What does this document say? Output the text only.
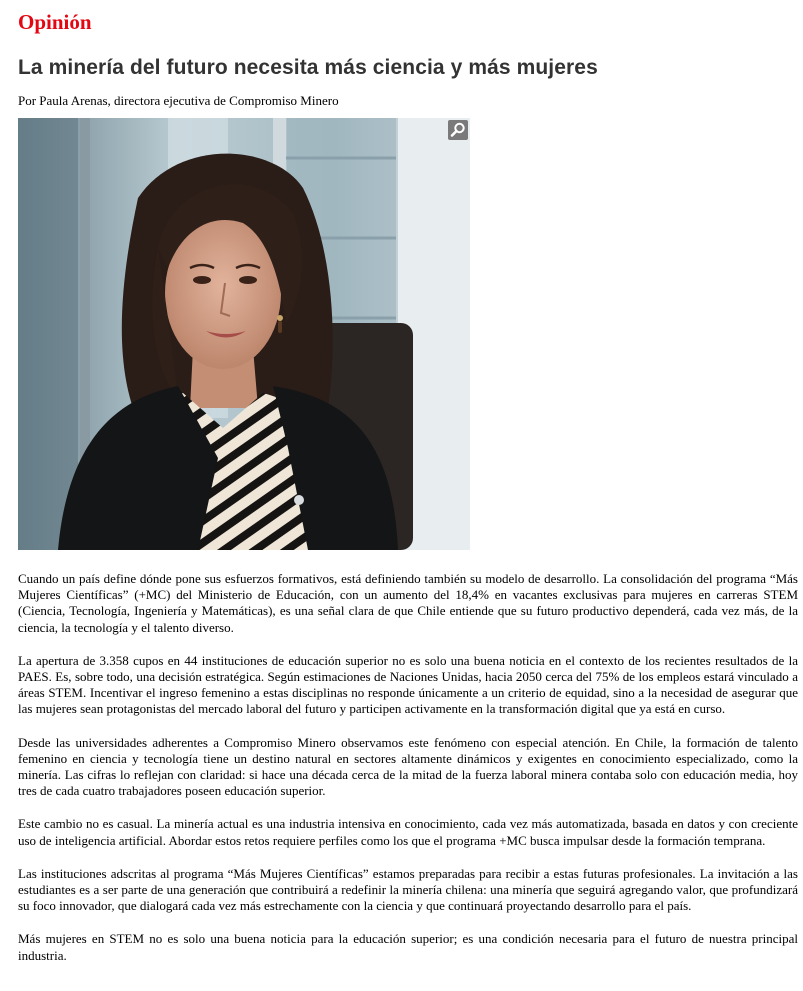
Opinión
La minería del futuro necesita más ciencia y más mujeres

Por Paula Arenas, directora ejecutiva de Compromiso Minero

Cuando un país define dónde pone sus esfuerzos formativos, está definiendo también su modelo de desarrollo. La consolidación del programa “Más Mujeres Científicas” (+MC) del Ministerio de Educación, con un aumento del 18,4% en vacantes exclusivas para mujeres en carreras STEM (Ciencia, Tecnología, Ingeniería y Matemáticas), es una señal clara de que Chile entiende que su futuro productivo dependerá, cada vez más, de la ciencia, la tecnología y el talento diverso.

La apertura de 3.358 cupos en 44 instituciones de educación superior no es solo una buena noticia en el contexto de los recientes resultados de la PAES. Es, sobre todo, una decisión estratégica. Según estimaciones de Naciones Unidas, hacia 2050 cerca del 75% de los empleos estará vinculado a áreas STEM. Incentivar el ingreso femenino a estas disciplinas no responde únicamente a un criterio de equidad, sino a la necesidad de asegurar que las mujeres sean protagonistas del mercado laboral del futuro y participen activamente en la transformación digital que ya está en curso.

Desde las universidades adherentes a Compromiso Minero observamos este fenómeno con especial atención. En Chile, la formación de talento femenino en ciencia y tecnología tiene un destino natural en sectores altamente dinámicos y exigentes en conocimiento especializado, como la minería. Las cifras lo reflejan con claridad: si hace una década cerca de la mitad de la fuerza laboral minera contaba solo con educación media, hoy tres de cada cuatro trabajadores poseen educación superior.

Este cambio no es casual. La minería actual es una industria intensiva en conocimiento, cada vez más automatizada, basada en datos y con creciente uso de inteligencia artificial. Abordar estos retos requiere perfiles como los que el programa +MC busca impulsar desde la formación temprana.

Las instituciones adscritas al programa “Más Mujeres Científicas” estamos preparadas para recibir a estas futuras profesionales. La invitación a las estudiantes es a ser parte de una generación que contribuirá a redefinir la minería chilena: una minería que seguirá agregando valor, que profundizará su foco innovador, que dialogará cada vez más estrechamente con la ciencia y que continuará proyectando desarrollo para el país.

Más mujeres en STEM no es solo una buena noticia para la educación superior; es una condición necesaria para el futuro de nuestra principal industria.
